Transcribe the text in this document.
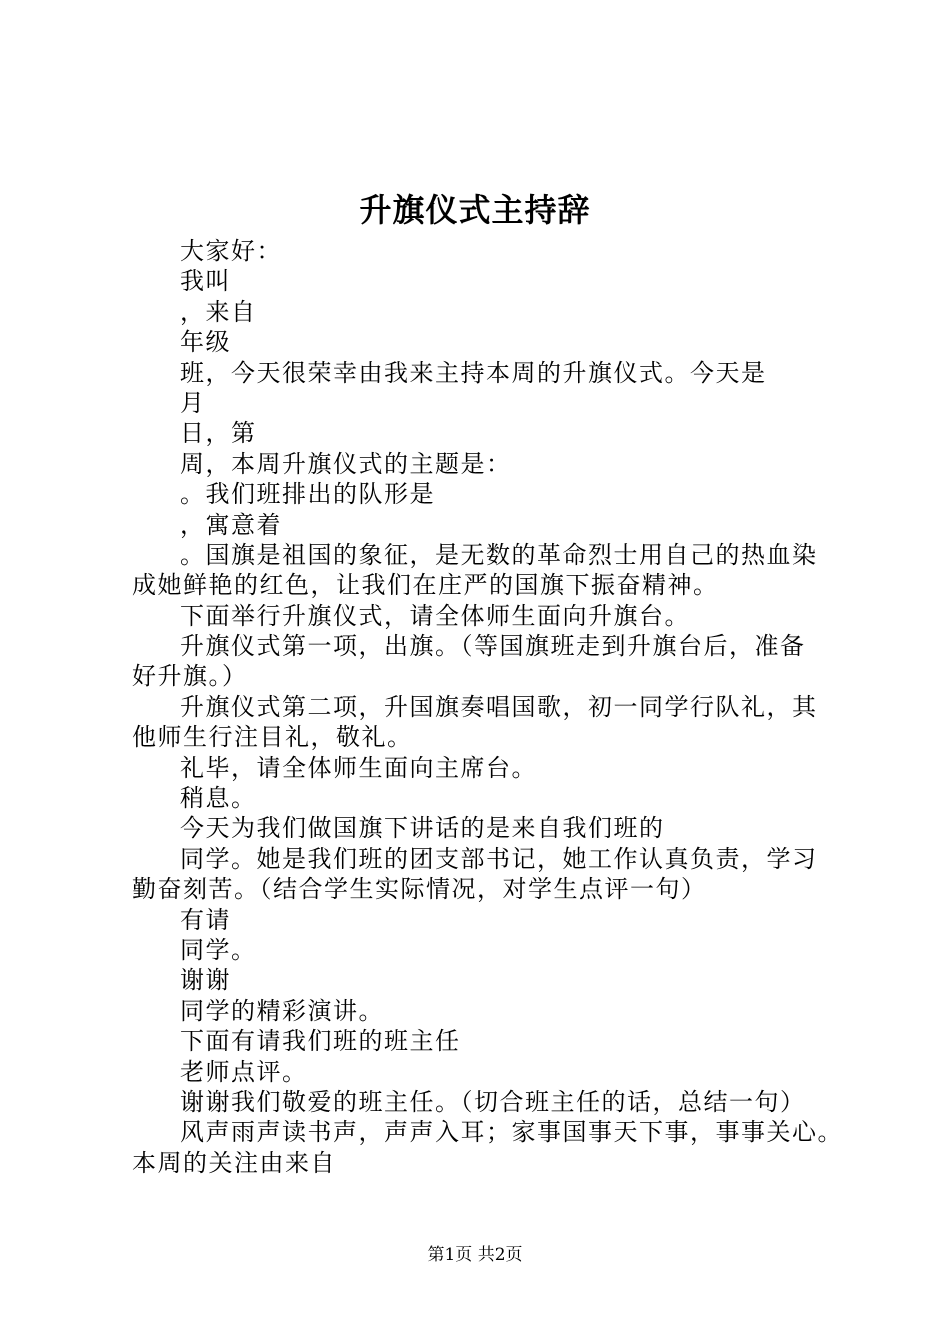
升旗仪式主持辞
大家好：
我叫
，来自
年级
班，今天很荣幸由我来主持本周的升旗仪式。今天是
月
日，第
周，本周升旗仪式的主题是：
。我们班排出的队形是
，寓意着
。国旗是祖国的象征，是无数的革命烈士用自己的热血染
成她鲜艳的红色，让我们在庄严的国旗下振奋精神。
下面举行升旗仪式，请全体师生面向升旗台。
升旗仪式第一项，出旗。（等国旗班走到升旗台后，准备
好升旗。）
升旗仪式第二项，升国旗奏唱国歌，初一同学行队礼，其
他师生行注目礼，敬礼。
礼毕，请全体师生面向主席台。
稍息。
今天为我们做国旗下讲话的是来自我们班的
同学。她是我们班的团支部书记，她工作认真负责，学习
勤奋刻苦。（结合学生实际情况，对学生点评一句）
有请
同学。
谢谢
同学的精彩演讲。
下面有请我们班的班主任
老师点评。
谢谢我们敬爱的班主任。（切合班主任的话，总结一句）
风声雨声读书声，声声入耳；家事国事天下事，事事关心。
本周的关注由来自
第1页 共2页
